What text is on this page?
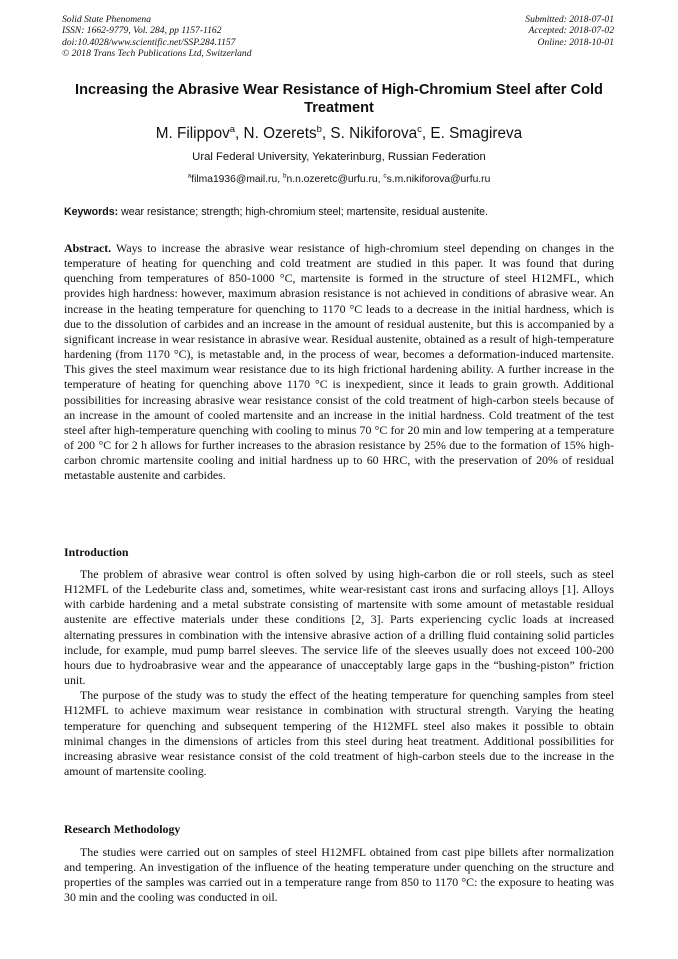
Solid State Phenomena
ISSN: 1662-9779, Vol. 284, pp 1157-1162
doi:10.4028/www.scientific.net/SSP.284.1157
© 2018 Trans Tech Publications Ltd, Switzerland
Submitted: 2018-07-01
Accepted: 2018-07-02
Online: 2018-10-01
Increasing the Abrasive Wear Resistance of High-Chromium Steel after Cold Treatment
M. Filippov$^a$, N. Ozerets$^b$, S. Nikiforova$^c$, E. Smagireva
Ural Federal University, Yekaterinburg, Russian Federation
$^a$filma1936@mail.ru, $^b$n.n.ozeretc@urfu.ru, $^c$s.m.nikiforova@urfu.ru
Keywords: wear resistance; strength; high-chromium steel; martensite, residual austenite.

Abstract. Ways to increase the abrasive wear resistance of high-chromium steel depending on changes in the temperature of heating for quenching and cold treatment are studied in this paper. It was found that during quenching from temperatures of 850-1000 °C, martensite is formed in the structure of steel H12MFL, which provides high hardness: however, maximum abrasion resistance is not achieved in conditions of abrasive wear. An increase in the heating temperature for quenching to 1170 °C leads to a decrease in the initial hardness, which is due to the dissolution of carbides and an increase in the amount of residual austenite, but this is accompanied by a significant increase in wear resistance in abrasive wear. Residual austenite, obtained as a result of high-temperature hardening (from 1170 °C), is metastable and, in the process of wear, becomes a deformation-induced martensite. This gives the steel maximum wear resistance due to its high frictional hardening ability. A further increase in the temperature of heating for quenching above 1170 °C is inexpedient, since it leads to grain growth. Additional possibilities for increasing abrasive wear resistance consist of the cold treatment of high-carbon steels because of an increase in the amount of cooled martensite and an increase in the initial hardness. Cold treatment of the test steel after high-temperature quenching with cooling to minus 70 °C for 20 min and low tempering at a temperature of 200 °C for 2 h allows for further increases to the abrasion resistance by 25% due to the formation of 15% high-carbon chromic martensite cooling and initial hardness up to 60 HRC, with the preservation of 20% of residual metastable austenite and carbides.

Introduction

The problem of abrasive wear control is often solved by using high-carbon die or roll steels, such as steel H12MFL of the Ledeburite class and, sometimes, white wear-resistant cast irons and surfacing alloys [1]. Alloys with carbide hardening and a metal substrate consisting of martensite with some amount of metastable residual austenite are effective materials under these conditions [2, 3]. Parts experiencing cyclic loads at increased alternating pressures in combination with the intensive abrasive action of a drilling fluid containing solid particles include, for example, mud pump barrel sleeves. The service life of the sleeves usually does not exceed 100-200 hours due to hydroabrasive wear and the appearance of unacceptably large gaps in the “bushing-piston” friction unit.

The purpose of the study was to study the effect of the heating temperature for quenching samples from steel H12MFL to achieve maximum wear resistance in combination with structural strength. Varying the heating temperature for quenching and subsequent tempering of the H12MFL steel also makes it possible to obtain minimal changes in the dimensions of articles from this steel during heat treatment. Additional possibilities for increasing abrasive wear resistance consist of the cold treatment of high-carbon steels due to the increase in the amount of martensite cooling.

Research Methodology

The studies were carried out on samples of steel H12MFL obtained from cast pipe billets after normalization and tempering. An investigation of the influence of the heating temperature under quenching on the structure and properties of the samples was carried out in a temperature range from 850 to 1170 °C: the exposure to heating was 30 min and the cooling was conducted in oil.
